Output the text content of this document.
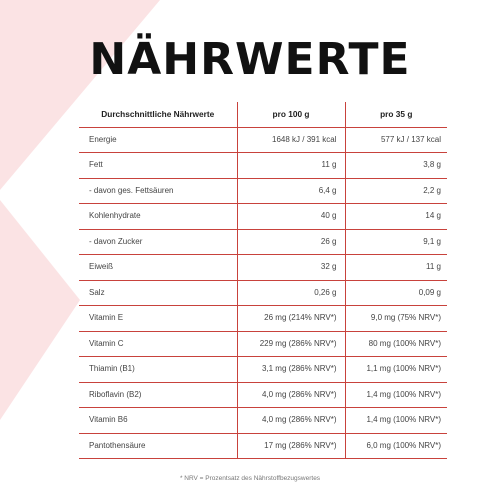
NÄHRWERTE
Durchschnittliche Nährwerte	pro 100 g	pro 35 g
Energie	1648 kJ / 391 kcal	577 kJ / 137 kcal
Fett	11 g	3,8 g
- davon ges. Fettsäuren	6,4 g	2,2 g
Kohlenhydrate	40 g	14 g
- davon Zucker	26 g	9,1 g
Eiweiß	32 g	11 g
Salz	0,26 g	0,09 g
Vitamin E	26 mg (214% NRV*)	9,0 mg (75% NRV*)
Vitamin C	229 mg (286% NRV*)	80 mg (100% NRV*)
Thiamin (B1)	3,1 mg (286% NRV*)	1,1 mg (100% NRV*)
Riboflavin (B2)	4,0 mg (286% NRV*)	1,4 mg (100% NRV*)
Vitamin B6	4,0 mg (286% NRV*)	1,4 mg (100% NRV*)
Pantothensäure	17 mg (286% NRV*)	6,0 mg (100% NRV*)
* NRV = Prozentsatz des Nährstoffbezugswertes
